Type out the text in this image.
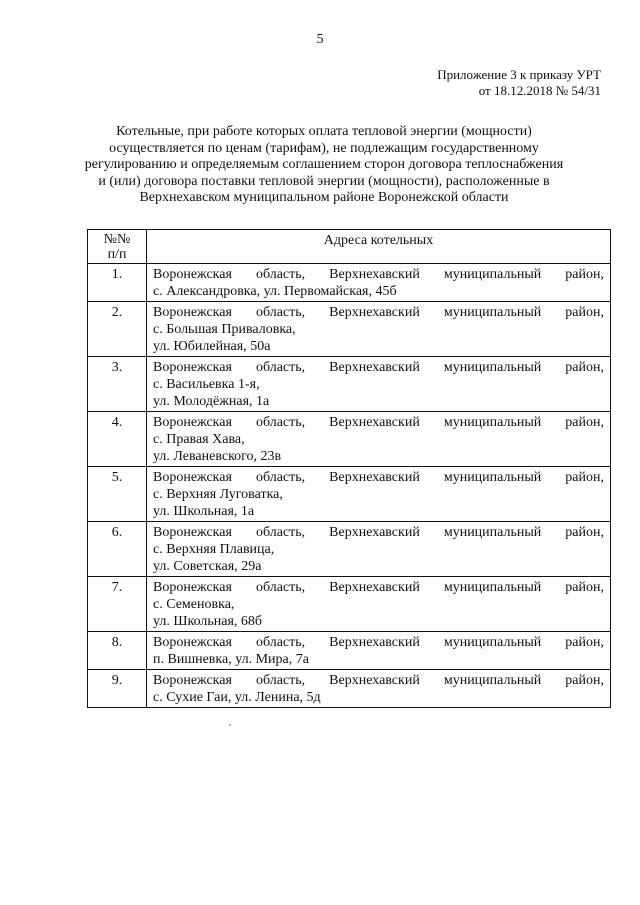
5
Приложение 3 к приказу УРТ
от 18.12.2018 № 54/31
Котельные, при работе которых оплата тепловой энергии (мощности)
осуществляется по ценам (тарифам), не подлежащим государственному
регулированию и определяемым соглашением сторон договора теплоснабжения
и (или) договора поставки тепловой энергии (мощности), расположенные в
Верхнехавском муниципальном районе Воронежской области
№№
п/п	Адреса котельных
1.	Воронежская область, Верхнехавский муниципальный район,
с. Александровка, ул. Первомайская, 45б

2.	Воронежская область, Верхнехавский муниципальный район,
с. Большая Приваловка,
ул. Юбилейная, 50а

3.	Воронежская область, Верхнехавский муниципальный район,
с. Васильевка 1-я,
ул. Молодёжная, 1а

4.	Воронежская область, Верхнехавский муниципальный район,
с. Правая Хава,
ул. Леваневского, 23в

5.	Воронежская область, Верхнехавский муниципальный район,
с. Верхняя Луговатка,
ул. Школьная, 1а

6.	Воронежская область, Верхнехавский муниципальный район,
с. Верхняя Плавица,
ул. Советская, 29а

7.	Воронежская область, Верхнехавский муниципальный район,
с. Семеновка,
ул. Школьная, 68б

8.	Воронежская область, Верхнехавский муниципальный район,
п. Вишневка, ул. Мира, 7а

9.	Воронежская область, Верхнехавский муниципальный район,
с. Сухие Гаи, ул. Ленина, 5д
